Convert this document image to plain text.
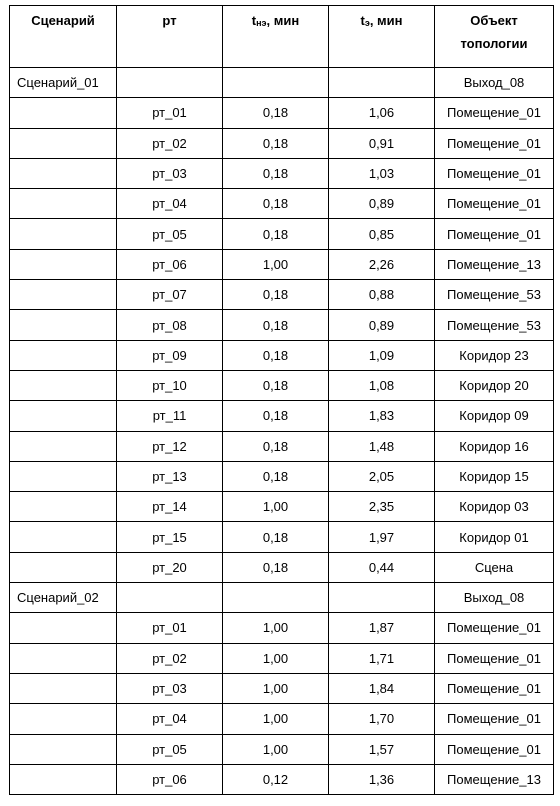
Сценарий	рт	$t_{нэ}$, мин	$t_э$, мин	Объект
топологии

Сценарий_01				Выход_08
	рт_01	0,18	1,06	Помещение_01
	рт_02	0,18	0,91	Помещение_01
	рт_03	0,18	1,03	Помещение_01
	рт_04	0,18	0,89	Помещение_01
	рт_05	0,18	0,85	Помещение_01
	рт_06	1,00	2,26	Помещение_13
	рт_07	0,18	0,88	Помещение_53
	рт_08	0,18	0,89	Помещение_53
	рт_09	0,18	1,09	Коридор 23
	рт_10	0,18	1,08	Коридор 20
	рт_11	0,18	1,83	Коридор 09
	рт_12	0,18	1,48	Коридор 16
	рт_13	0,18	2,05	Коридор 15
	рт_14	1,00	2,35	Коридор 03
	рт_15	0,18	1,97	Коридор 01
	рт_20	0,18	0,44	Сцена
Сценарий_02				Выход_08
	рт_01	1,00	1,87	Помещение_01
	рт_02	1,00	1,71	Помещение_01
	рт_03	1,00	1,84	Помещение_01
	рт_04	1,00	1,70	Помещение_01
	рт_05	1,00	1,57	Помещение_01
	рт_06	0,12	1,36	Помещение_13
